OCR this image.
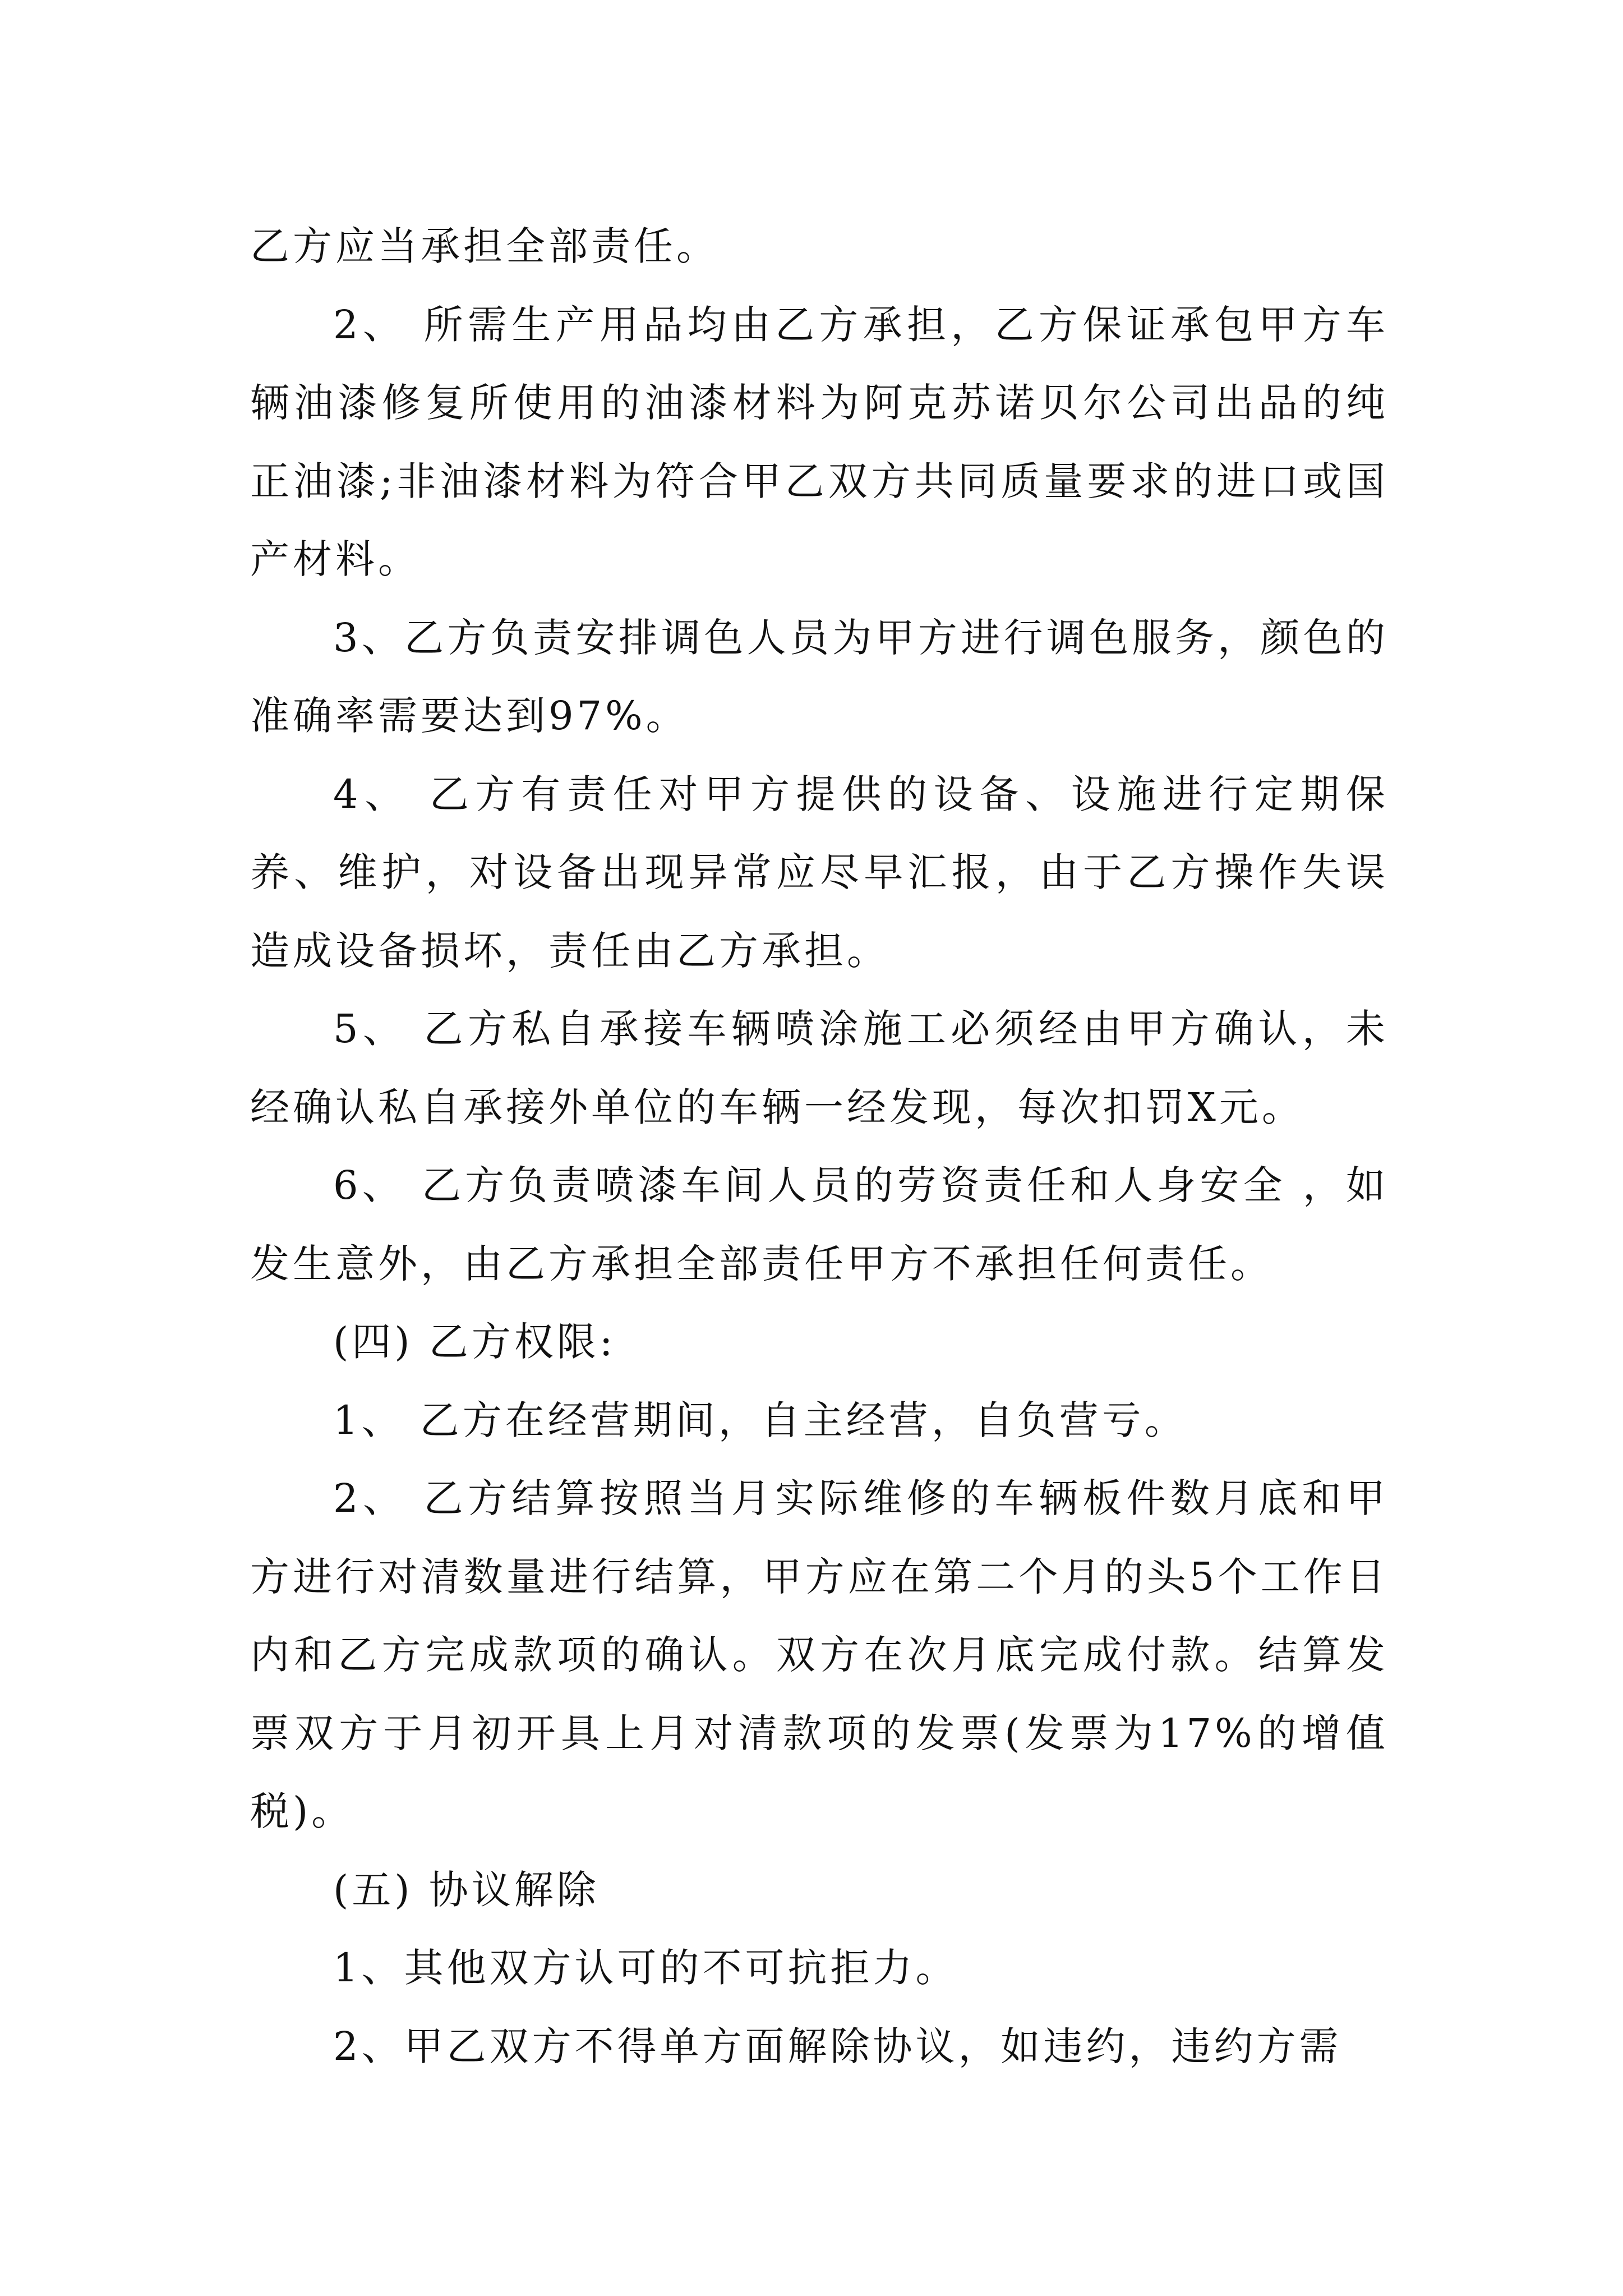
乙方应当承担全部责任。

2、 所需生产用品均由乙方承担，乙方保证承包甲方车辆油漆修复所使用的油漆材料为阿克苏诺贝尔公司出品的纯正油漆;非油漆材料为符合甲乙双方共同质量要求的进口或国产材料。

3、乙方负责安排调色人员为甲方进行调色服务，颜色的准确率需要达到97%。

4、 乙方有责任对甲方提供的设备、设施进行定期保养、维护，对设备出现异常应尽早汇报，由于乙方操作失误造成设备损坏，责任由乙方承担。

5、 乙方私自承接车辆喷涂施工必须经由甲方确认，未经确认私自承接外单位的车辆一经发现，每次扣罚X元。

6、 乙方负责喷漆车间人员的劳资责任和人身安全 ，如发生意外，由乙方承担全部责任甲方不承担任何责任。

(四) 乙方权限:

1、 乙方在经营期间，自主经营，自负营亏。

2、 乙方结算按照当月实际维修的车辆板件数月底和甲方进行对清数量进行结算，甲方应在第二个月的头5个工作日内和乙方完成款项的确认。双方在次月底完成付款。结算发票双方于月初开具上月对清款项的发票(发票为17%的增值税)。

(五) 协议解除

1、其他双方认可的不可抗拒力。

2、甲乙双方不得单方面解除协议，如违约，违约方需
